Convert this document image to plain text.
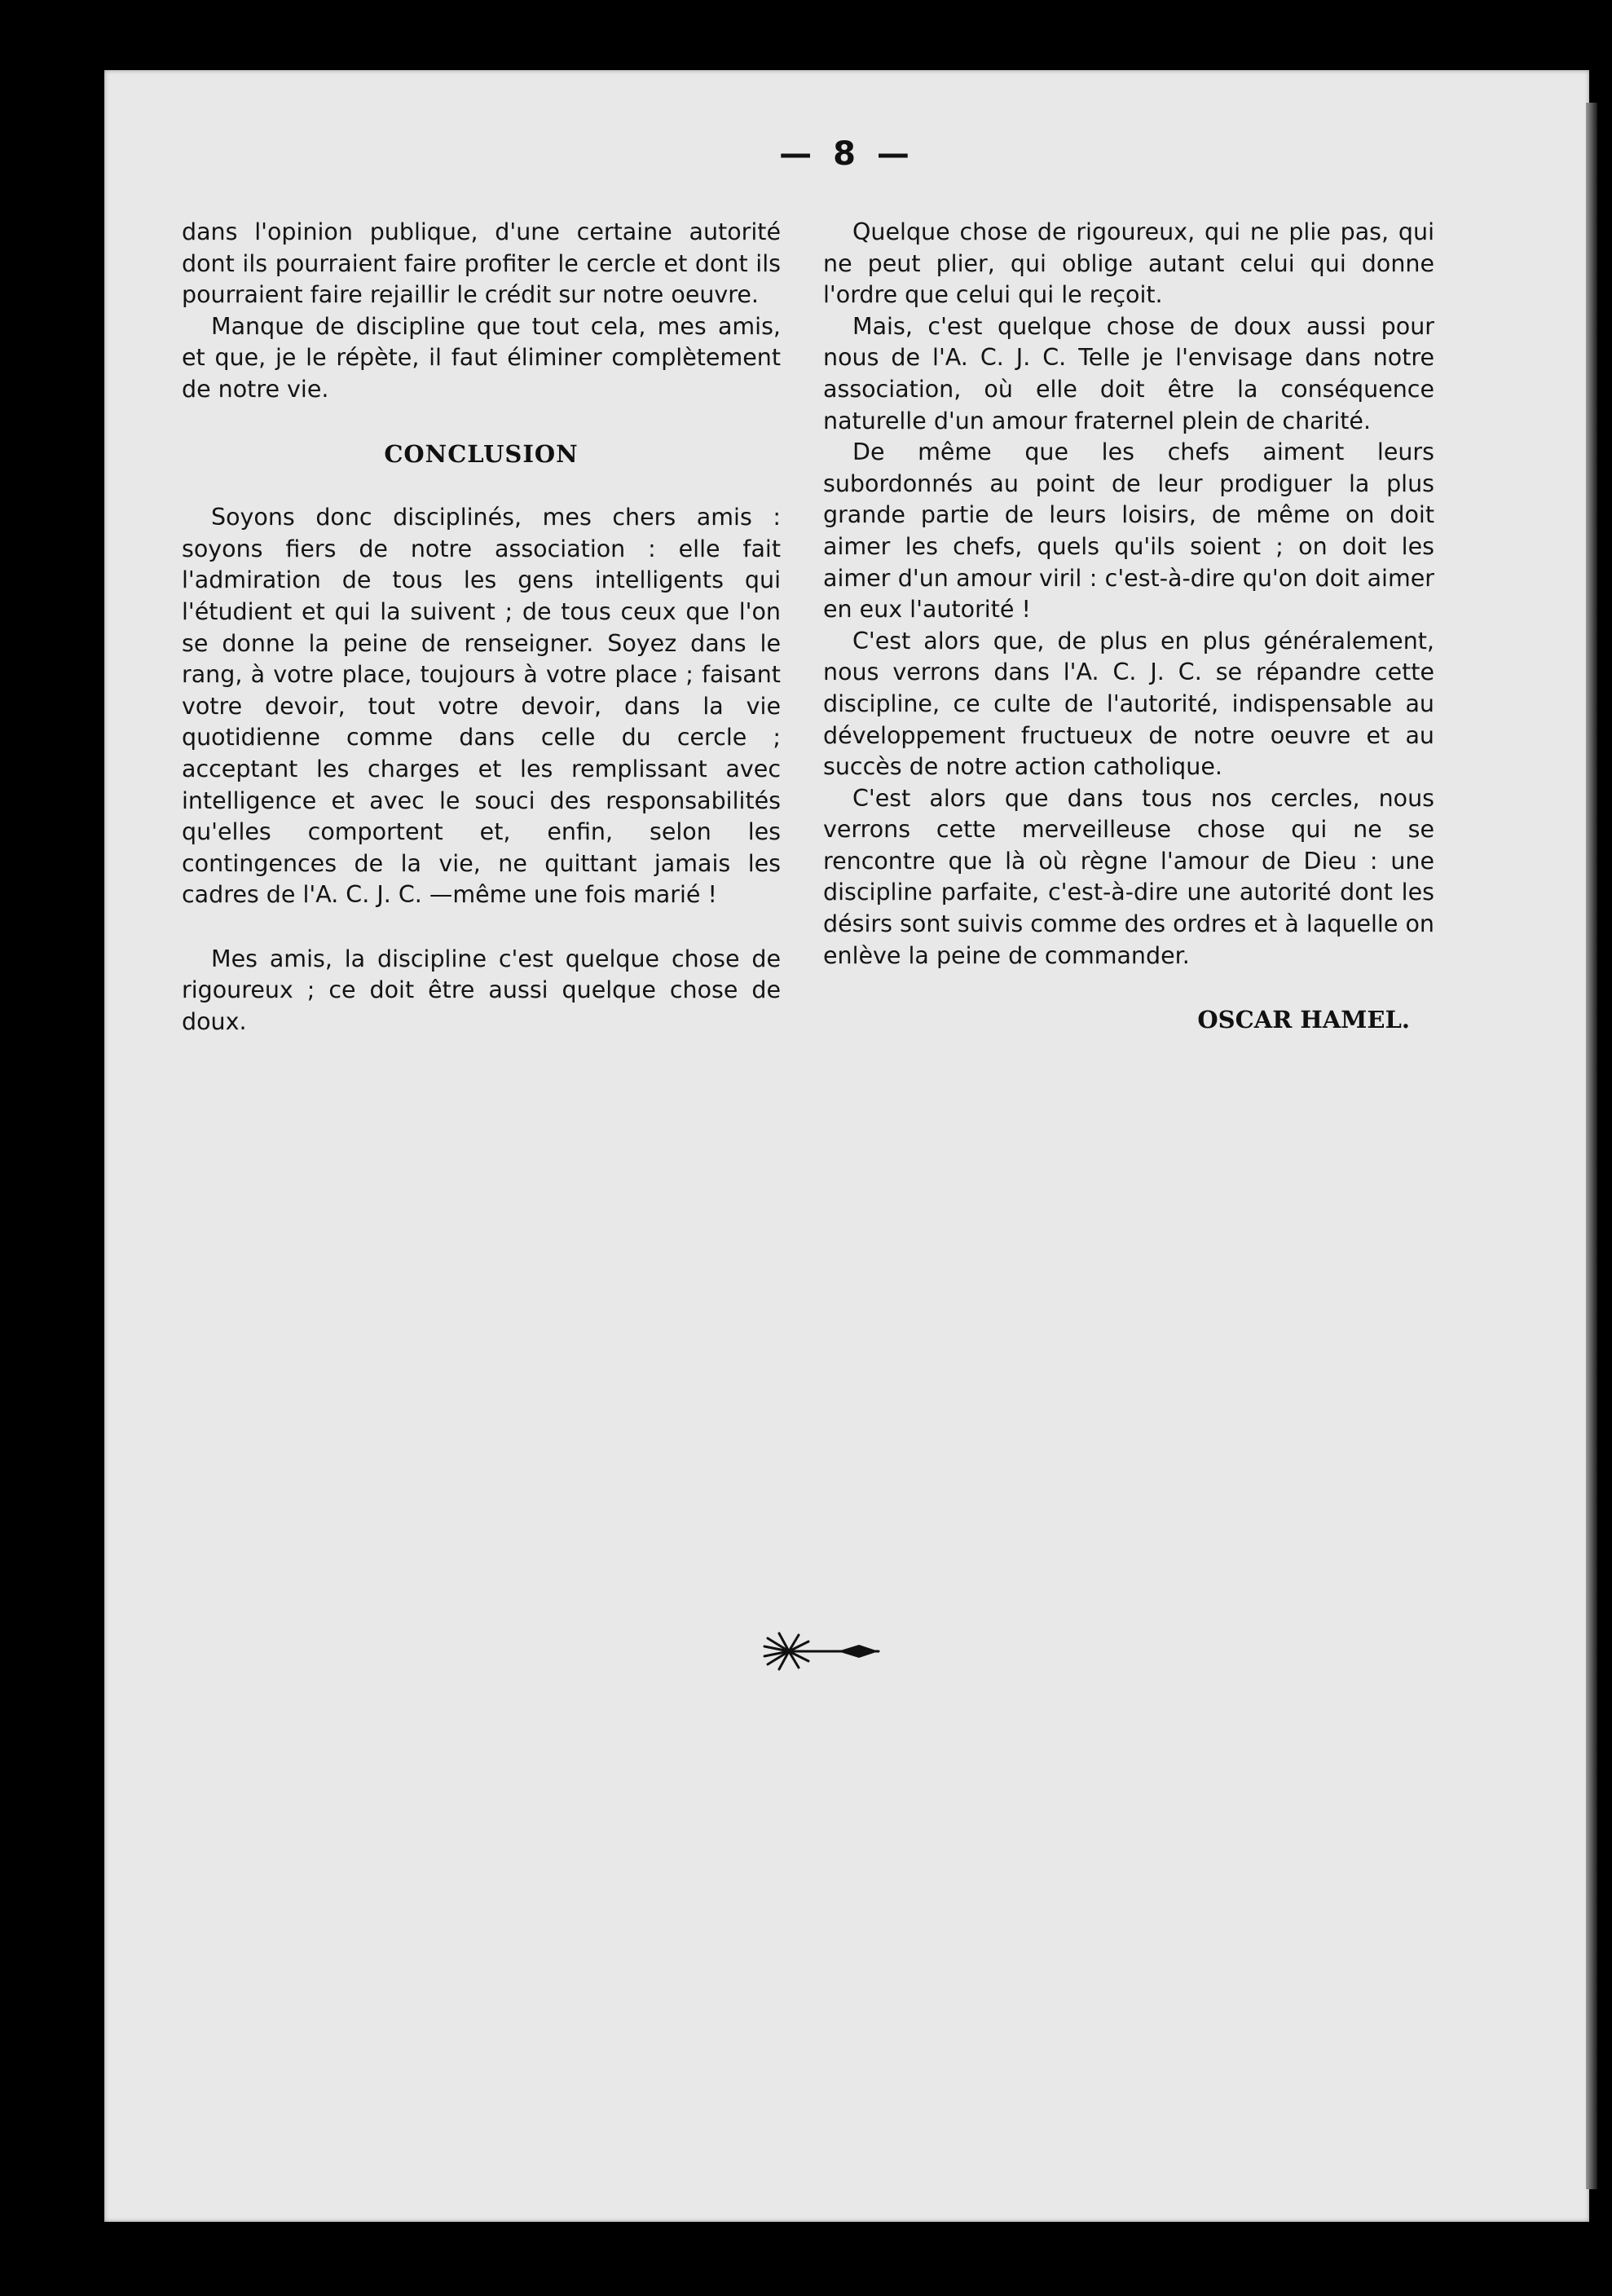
— 8 —

dans l'opinion publique, d'une certaine autorité dont ils pourraient faire profiter le cercle et dont ils pourraient faire rejaillir le crédit sur notre oeuvre.

Manque de discipline que tout cela, mes amis, et que, je le répète, il faut éliminer complètement de notre vie.

CONCLUSION

Soyons donc disciplinés, mes chers amis : soyons fiers de notre association : elle fait l'admiration de tous les gens intelligents qui l'étudient et qui la suivent ; de tous ceux que l'on se donne la peine de renseigner. Soyez dans le rang, à votre place, toujours à votre place ; faisant votre devoir, tout votre devoir, dans la vie quotidienne comme dans celle du cercle ; acceptant les charges et les remplissant avec intelligence et avec le souci des responsabilités qu'elles comportent et, enfin, selon les contingences de la vie, ne quittant jamais les cadres de l'A. C. J. C. —même une fois marié !

Mes amis, la discipline c'est quelque chose de rigoureux ; ce doit être aussi quelque chose de doux.

Quelque chose de rigoureux, qui ne plie pas, qui ne peut plier, qui oblige autant celui qui donne l'ordre que celui qui le reçoit.

Mais, c'est quelque chose de doux aussi pour nous de l'A. C. J. C. Telle je l'envisage dans notre association, où elle doit être la conséquence naturelle d'un amour fraternel plein de charité.

De même que les chefs aiment leurs subordonnés au point de leur prodiguer la plus grande partie de leurs loisirs, de même on doit aimer les chefs, quels qu'ils soient ; on doit les aimer d'un amour viril : c'est-à-dire qu'on doit aimer en eux l'autorité !

C'est alors que, de plus en plus généralement, nous verrons dans l'A. C. J. C. se répandre cette discipline, ce culte de l'autorité, indispensable au développement fructueux de notre oeuvre et au succès de notre action catholique.

C'est alors que dans tous nos cercles, nous verrons cette merveilleuse chose qui ne se rencontre que là où règne l'amour de Dieu : une discipline parfaite, c'est-à-dire une autorité dont les désirs sont suivis comme des ordres et à laquelle on enlève la peine de commander.

OSCAR HAMEL.
